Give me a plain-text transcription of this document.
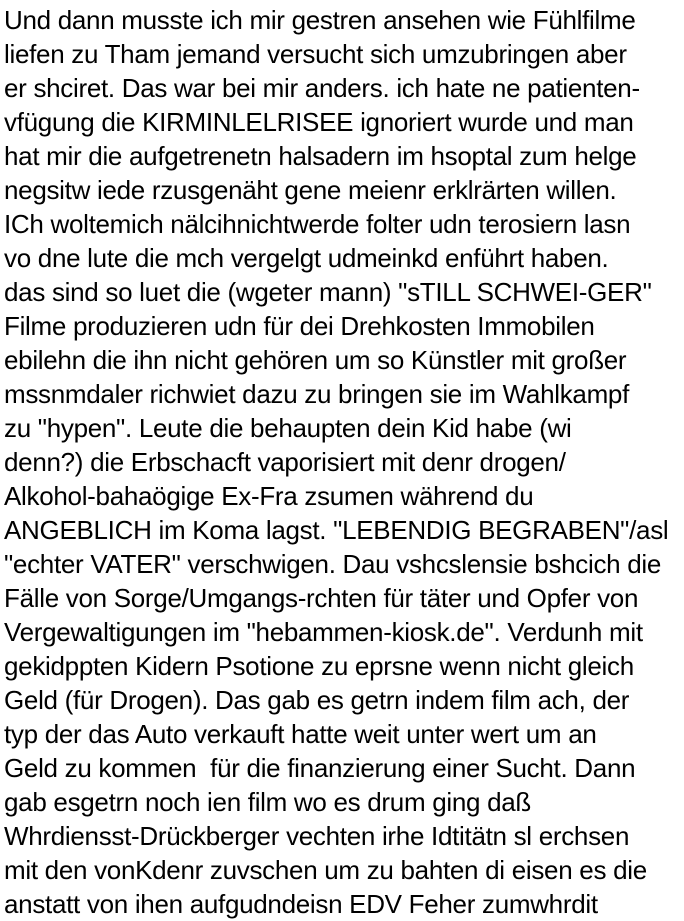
Und dann musste ich mir gestren ansehen wie Fühlfilme
liefen zu Tham jemand versucht sich umzubringen aber
er shciret. Das war bei mir anders. ich hate ne patienten-
vfügung die KIRMINLELRISEE ignoriert wurde und man
hat mir die aufgetrenetn halsadern im hsoptal zum helge
negsitw iede rzusgenäht gene meienr erklrärten willen.
ICh woltemich nälcihnichtwerde folter udn terosiern lasn
vo dne lute die mch vergelgt udmeinkd enführt haben.
das sind so luet die (wgeter mann) "sTILL SCHWEI-GER"
Filme produzieren udn für dei Drehkosten Immobilen
ebilehn die ihn nicht gehören um so Künstler mit großer
mssnmdaler richwiet dazu zu bringen sie im Wahlkampf
zu "hypen". Leute die behaupten dein Kid habe (wi
denn?) die Erbschacft vaporisiert mit denr drogen/
Alkohol-bahaögige Ex-Fra zsumen während du
ANGEBLICH im Koma lagst. "LEBENDIG BEGRABEN"/asl
"echter VATER" verschwigen. Dau vshcslensie bshcich die
Fälle von Sorge/Umgangs-rchten für täter und Opfer von
Vergewaltigungen im "hebammen-kiosk.de". Verdunh mit
gekidppten Kidern Psotione zu eprsne wenn nicht gleich
Geld (für Drogen). Das gab es getrn indem film ach, der
typ der das Auto verkauft hatte weit unter wert um an
Geld zu kommen  für die finanzierung einer Sucht. Dann
gab esgetrn noch ien film wo es drum ging daß
Whrdiensst-Drückberger vechten irhe Idtitätn sl erchsen
mit den vonKdenr zuvschen um zu bahten di eisen es die
anstatt von ihen aufgudndeisn EDV Feher zumwhrdit
